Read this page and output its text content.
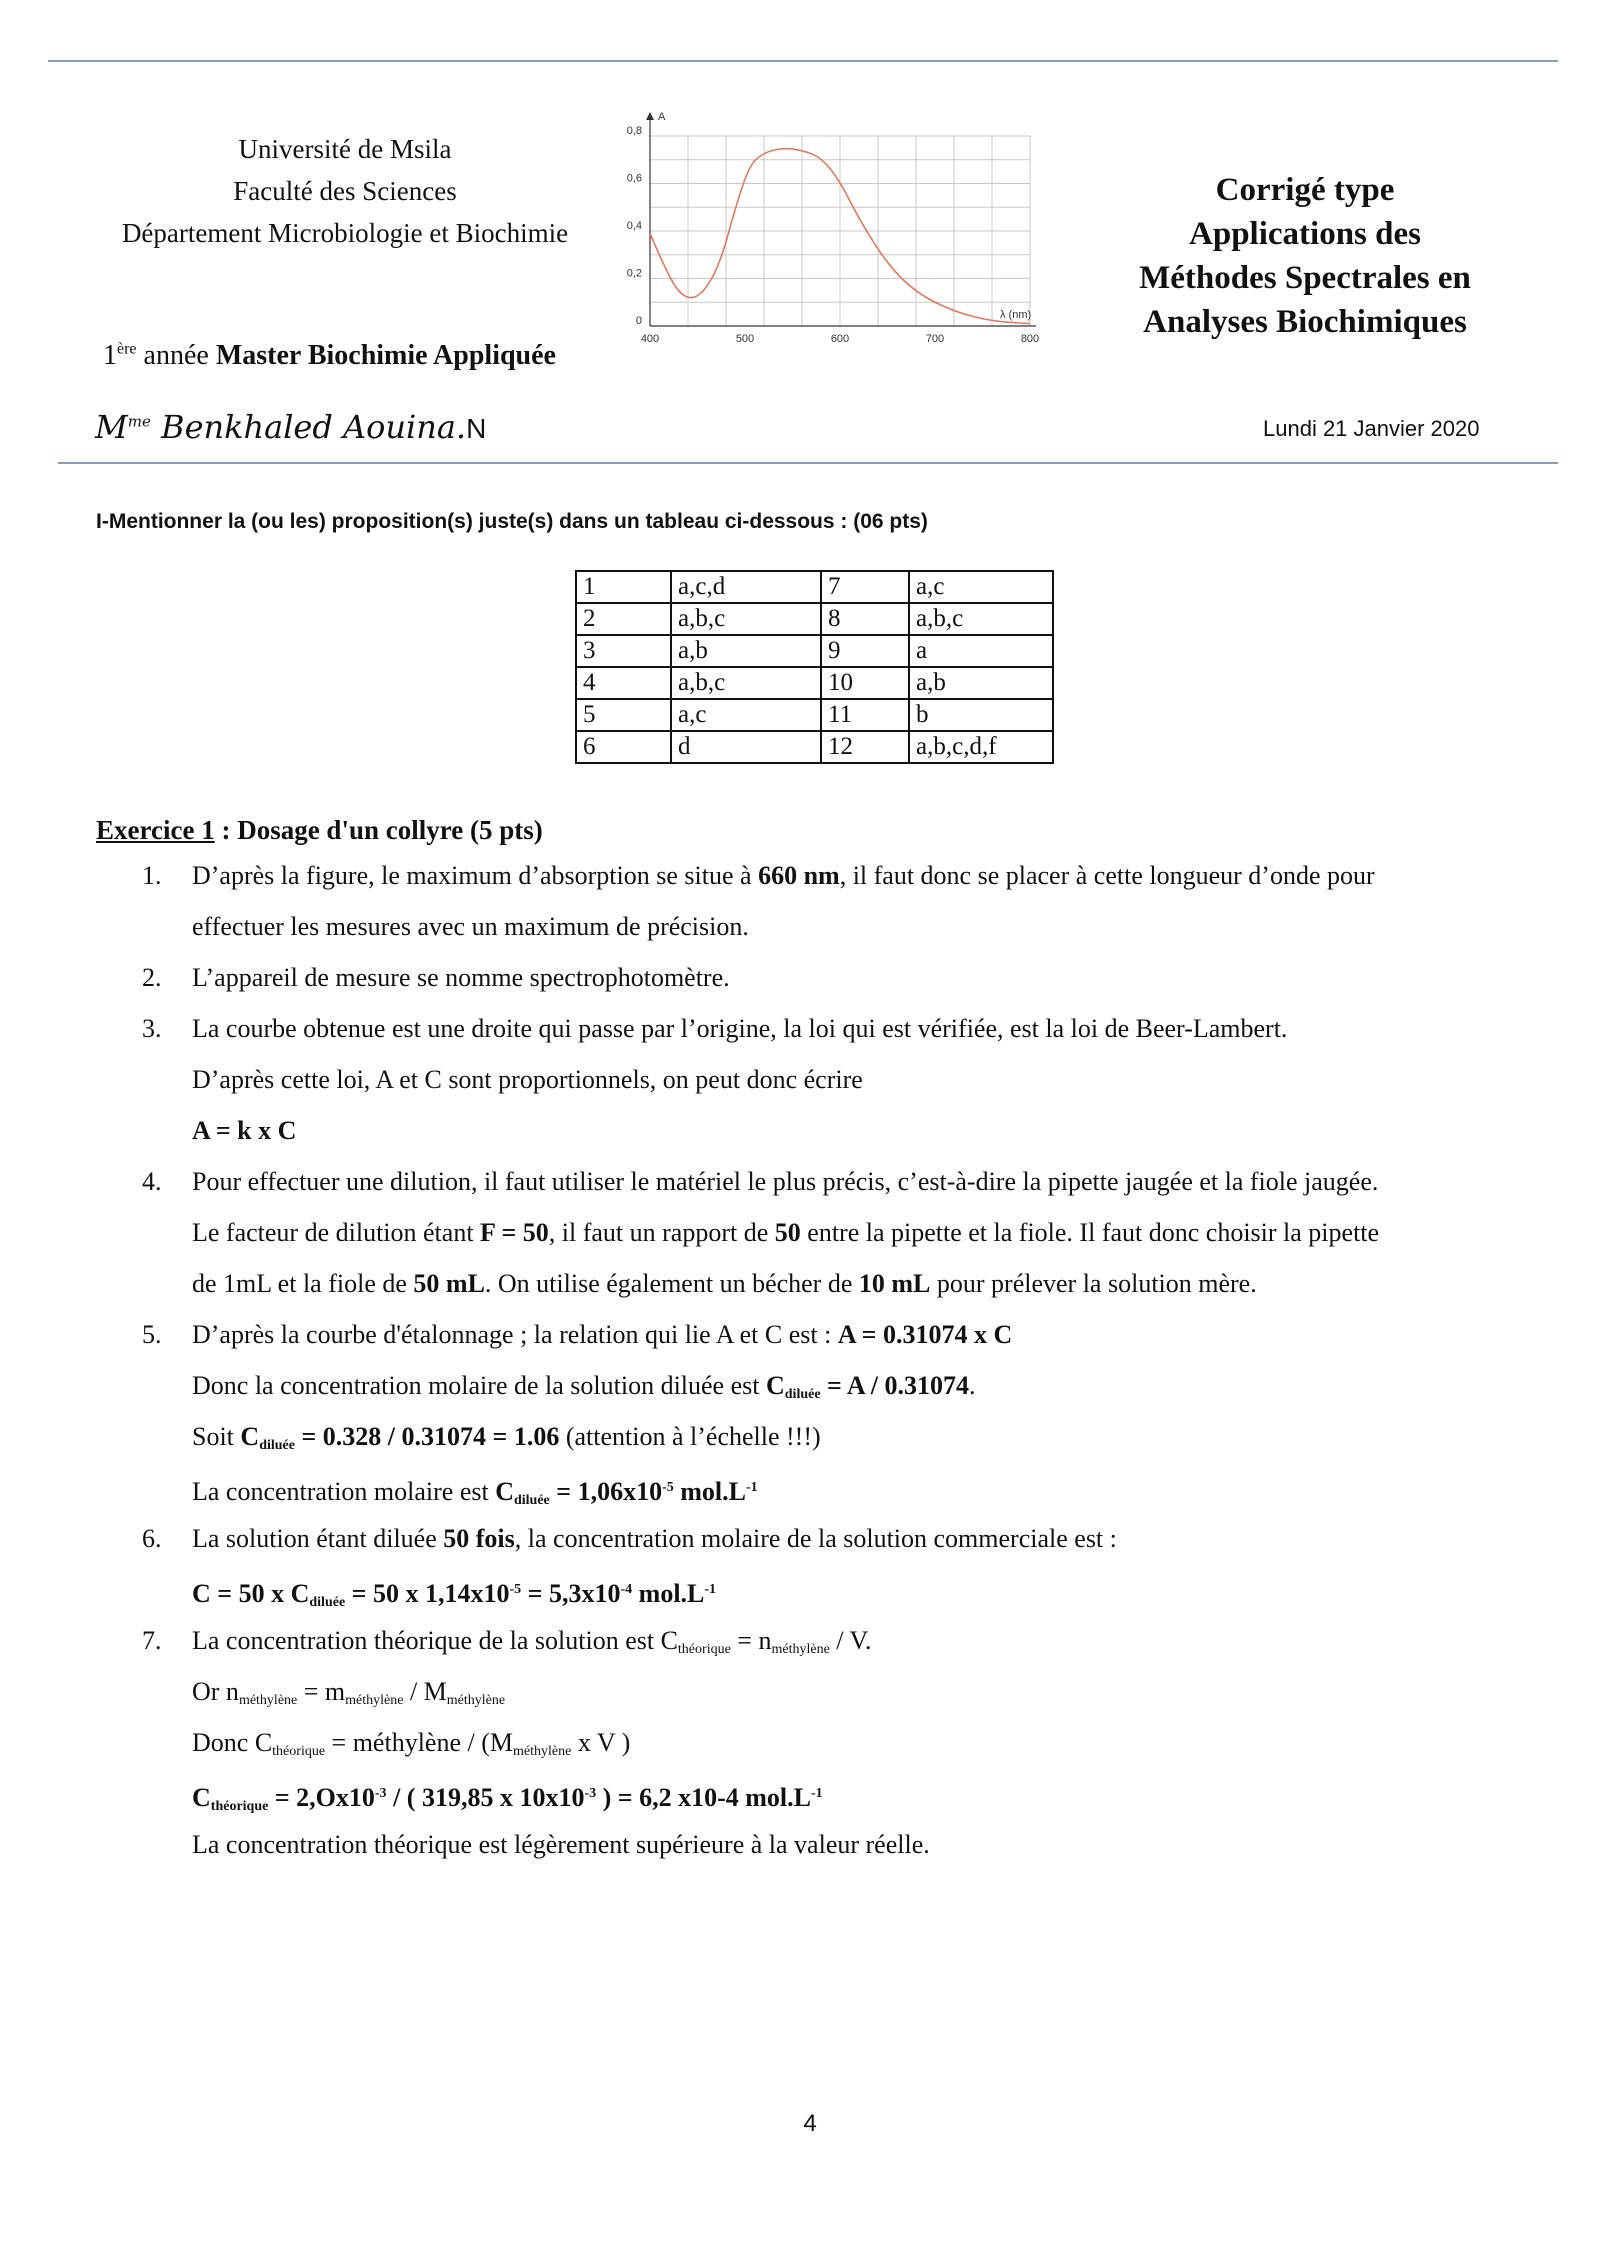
Université de Msila
Faculté des Sciences
Département Microbiologie et Biochimie
1ère année Master Biochimie Appliquée
400	500	600	700	800
0
0,2
0,4
0,6
0,8
A
λ (nm)
Corrigé type
Applications des
Méthodes Spectrales en
Analyses Biochimiques
$M^{me}$ Benkhaled Aouina.N	Lundi 21 Janvier 2020
I-Mentionner la (ou les) proposition(s) juste(s) dans un tableau ci-dessous : (06 pts)
1	a,c,d	7	a,c
2	a,b,c	8	a,b,c
3	a,b	9	a
4	a,b,c	10	a,b
5	a,c	11	b
6	d	12	a,b,c,d,f
Exercice 1 : Dosage d'un collyre (5 pts)
1. D’après la figure, le maximum d’absorption se situe à 660 nm, il faut donc se placer à cette longueur d’onde pour
effectuer les mesures avec un maximum de précision.
2. L’appareil de mesure se nomme spectrophotomètre.
3. La courbe obtenue est une droite qui passe par l’origine, la loi qui est vérifiée, est la loi de Beer-Lambert.
D’après cette loi, A et C sont proportionnels, on peut donc écrire
A = k x C
4. Pour effectuer une dilution, il faut utiliser le matériel le plus précis, c’est-à-dire la pipette jaugée et la fiole jaugée.
Le facteur de dilution étant F = 50, il faut un rapport de 50 entre la pipette et la fiole. Il faut donc choisir la pipette
de 1mL et la fiole de 50 mL. On utilise également un bécher de 10 mL pour prélever la solution mère.
5. D’après la courbe d'étalonnage ; la relation qui lie A et C est : A = 0.31074 x C
Donc la concentration molaire de la solution diluée est $C_{diluée} = A / 0.31074$.
Soit $C_{diluée} = 0.328 / 0.31074 = 1.06$ (attention à l’échelle !!!)
La concentration molaire est $C_{diluée} = 1,06x10^{-5}$ $mol.L^{-1}$
6. La solution étant diluée 50 fois, la concentration molaire de la solution commerciale est :
C = 50 x $C_{diluée} = 50$ x $1,14x10^{-5} = 5,3x10^{-4}$ $mol.L^{-1}$
7. La concentration théorique de la solution est $C_{théorique} = n_{méthylène} / V$.
Or $n_{méthylène} = m_{méthylène} / M_{méthylène}$
Donc $C_{théorique}$ = méthylène / ($M_{méthylène}$ x V )
$C_{théorique} = 2,Ox10^{-3}$ / ( 319,85 x $10x10^{-3}$ ) = 6,2 x10-4 $mol.L^{-1}$
La concentration théorique est légèrement supérieure à la valeur réelle.
4
